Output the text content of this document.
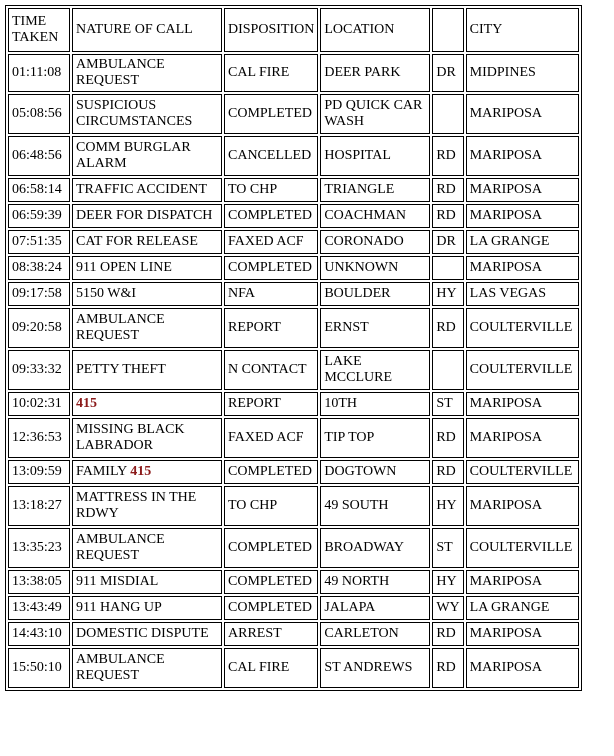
TIME TAKEN	NATURE OF CALL	DISPOSITION	LOCATION		CITY
01:11:08	AMBULANCE REQUEST	CAL FIRE	DEER PARK	DR	MIDPINES
05:08:56	SUSPICIOUS CIRCUMSTANCES	COMPLETED	PD QUICK CAR WASH		MARIPOSA
06:48:56	COMM BURGLAR ALARM	CANCELLED	HOSPITAL	RD	MARIPOSA
06:58:14	TRAFFIC ACCIDENT	TO CHP	TRIANGLE	RD	MARIPOSA
06:59:39	DEER FOR DISPATCH	COMPLETED	COACHMAN	RD	MARIPOSA
07:51:35	CAT FOR RELEASE	FAXED ACF	CORONADO	DR	LA GRANGE
08:38:24	911 OPEN LINE	COMPLETED	UNKNOWN		MARIPOSA
09:17:58	5150 W&I	NFA	BOULDER	HY	LAS VEGAS
09:20:58	AMBULANCE REQUEST	REPORT	ERNST	RD	COULTERVILLE
09:33:32	PETTY THEFT	N CONTACT	LAKE MCCLURE		COULTERVILLE
10:02:31	415	REPORT	10TH	ST	MARIPOSA
12:36:53	MISSING BLACK LABRADOR	FAXED ACF	TIP TOP	RD	MARIPOSA
13:09:59	FAMILY 415	COMPLETED	DOGTOWN	RD	COULTERVILLE
13:18:27	MATTRESS IN THE RDWY	TO CHP	49 SOUTH	HY	MARIPOSA
13:35:23	AMBULANCE REQUEST	COMPLETED	BROADWAY	ST	COULTERVILLE
13:38:05	911 MISDIAL	COMPLETED	49 NORTH	HY	MARIPOSA
13:43:49	911 HANG UP	COMPLETED	JALAPA	WY	LA GRANGE
14:43:10	DOMESTIC DISPUTE	ARREST	CARLETON	RD	MARIPOSA
15:50:10	AMBULANCE REQUEST	CAL FIRE	ST ANDREWS	RD	MARIPOSA
